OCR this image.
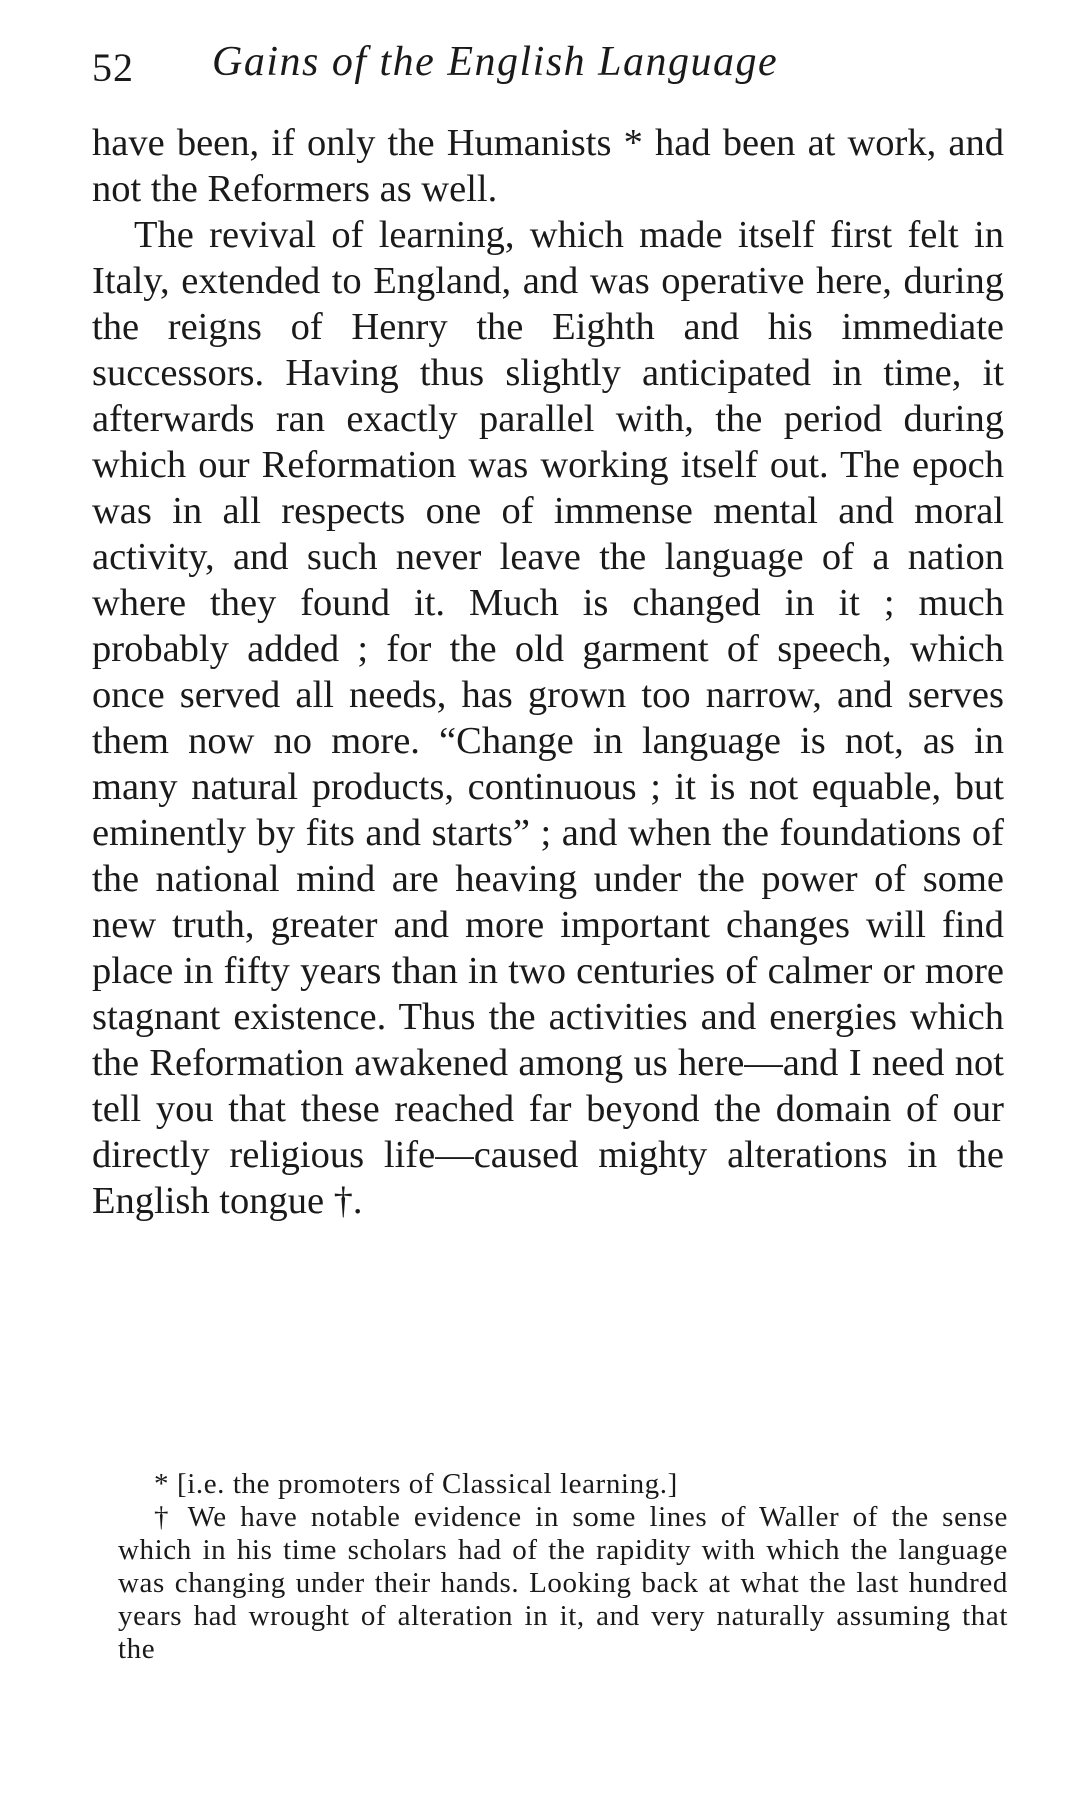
52 Gains of the English Language

have been, if only the Humanists * had been at work, and not the Reformers as well.

The revival of learning, which made itself first felt in Italy, extended to England, and was operative here, during the reigns of Henry the Eighth and his immediate successors. Having thus slightly anticipated in time, it afterwards ran exactly parallel with, the period during which our Reformation was working itself out. The epoch was in all respects one of immense mental and moral activity, and such never leave the language of a nation where they found it. Much is changed in it ; much probably added ; for the old garment of speech, which once served all needs, has grown too narrow, and serves them now no more. “Change in language is not, as in many natural products, continuous ; it is not equable, but eminently by fits and starts” ; and when the foundations of the national mind are heaving under the power of some new truth, greater and more important changes will find place in fifty years than in two centuries of calmer or more stagnant existence. Thus the activities and energies which the Reformation awakened among us here—and I need not tell you that these reached far beyond the domain of our directly religious life—caused mighty alterations in the English tongue †.

* [i.e. the promoters of Classical learning.]

† We have notable evidence in some lines of Waller of the sense which in his time scholars had of the rapidity with which the language was changing under their hands. Looking back at what the last hundred years had wrought of alteration in it, and very naturally assuming that the
